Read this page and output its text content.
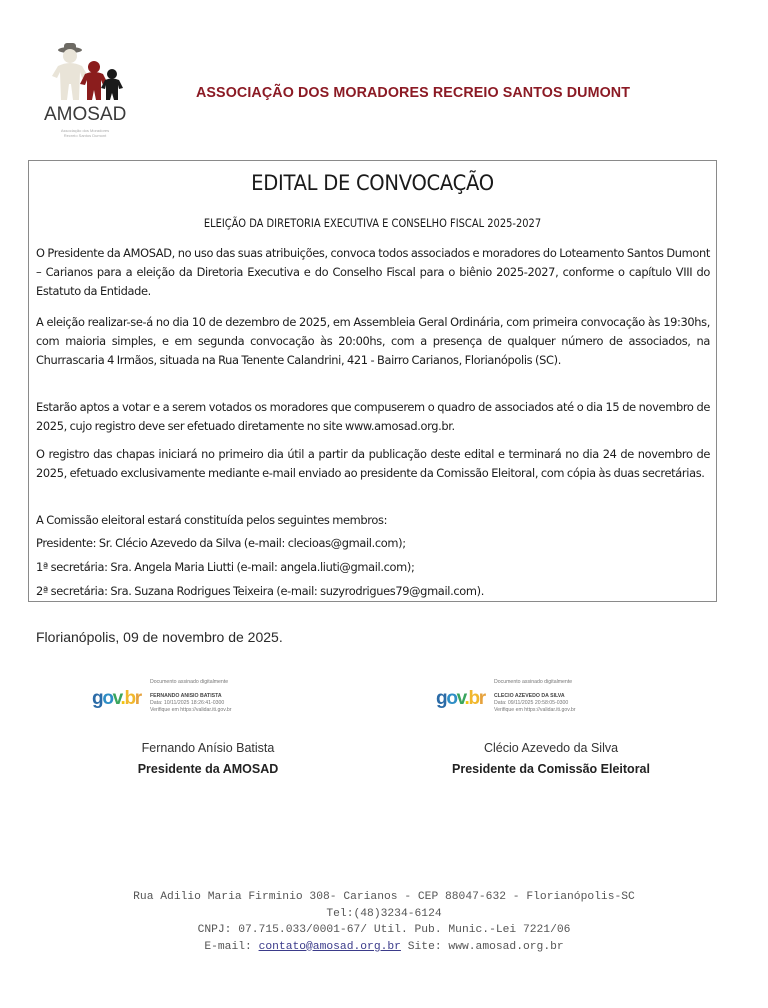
AMOSAD
Associação dos Moradores
Recreio Santos Dumont
ASSOCIAÇÃO DOS MORADORES RECREIO SANTOS DUMONT
EDITAL DE CONVOCAÇÃO
ELEIÇÃO DA DIRETORIA EXECUTIVA E CONSELHO FISCAL 2025-2027
O Presidente da AMOSAD, no uso das suas atribuições, convoca todos associados e moradores do Loteamento Santos Dumont – Carianos para a eleição da Diretoria Executiva e do Conselho Fiscal para o biênio 2025-2027, conforme o capítulo VIII do Estatuto da Entidade.
A eleição realizar-se-á no dia 10 de dezembro de 2025, em Assembleia Geral Ordinária, com primeira convocação às 19:30hs, com maioria simples, e em segunda convocação às 20:00hs, com a presença de qualquer número de associados, na Churrascaria 4 Irmãos, situada na Rua Tenente Calandrini, 421 - Bairro Carianos, Florianópolis (SC).
Estarão aptos a votar e a serem votados os moradores que compuserem o quadro de associados até o dia 15 de novembro de 2025, cujo registro deve ser efetuado diretamente no site www.amosad.org.br.
O registro das chapas iniciará no primeiro dia útil a partir da publicação deste edital e terminará no dia 24 de novembro de 2025, efetuado exclusivamente mediante e-mail enviado ao presidente da Comissão Eleitoral, com cópia às duas secretárias.
A Comissão eleitoral estará constituída pelos seguintes membros:
Presidente: Sr. Clécio Azevedo da Silva (e-mail: clecioas@gmail.com);
1ª secretária: Sra. Angela Maria Liutti (e-mail: angela.liuti@gmail.com);
2ª secretária: Sra. Suzana Rodrigues Teixeira (e-mail: suzyrodrigues79@gmail.com).
Florianópolis, 09 de novembro de 2025.
gov.br
Documento assinado digitalmente
FERNANDO ANISIO BATISTA
Data: 10/11/2025 18:26:41-0300
Verifique em https://validar.iti.gov.br
gov.br
Documento assinado digitalmente
CLECIO AZEVEDO DA SILVA
Data: 09/11/2025 20:58:05-0300
Verifique em https://validar.iti.gov.br
Fernando Anísio Batista
Presidente da AMOSAD
Clécio Azevedo da Silva
Presidente da Comissão Eleitoral
Rua Adilio Maria Firminio 308- Carianos - CEP 88047-632 - Florianópolis-SC
Tel:(48)3234-6124
CNPJ: 07.715.033/0001-67/ Util. Pub. Munic.-Lei 7221/06
E-mail: contato@amosad.org.br Site: www.amosad.org.br
